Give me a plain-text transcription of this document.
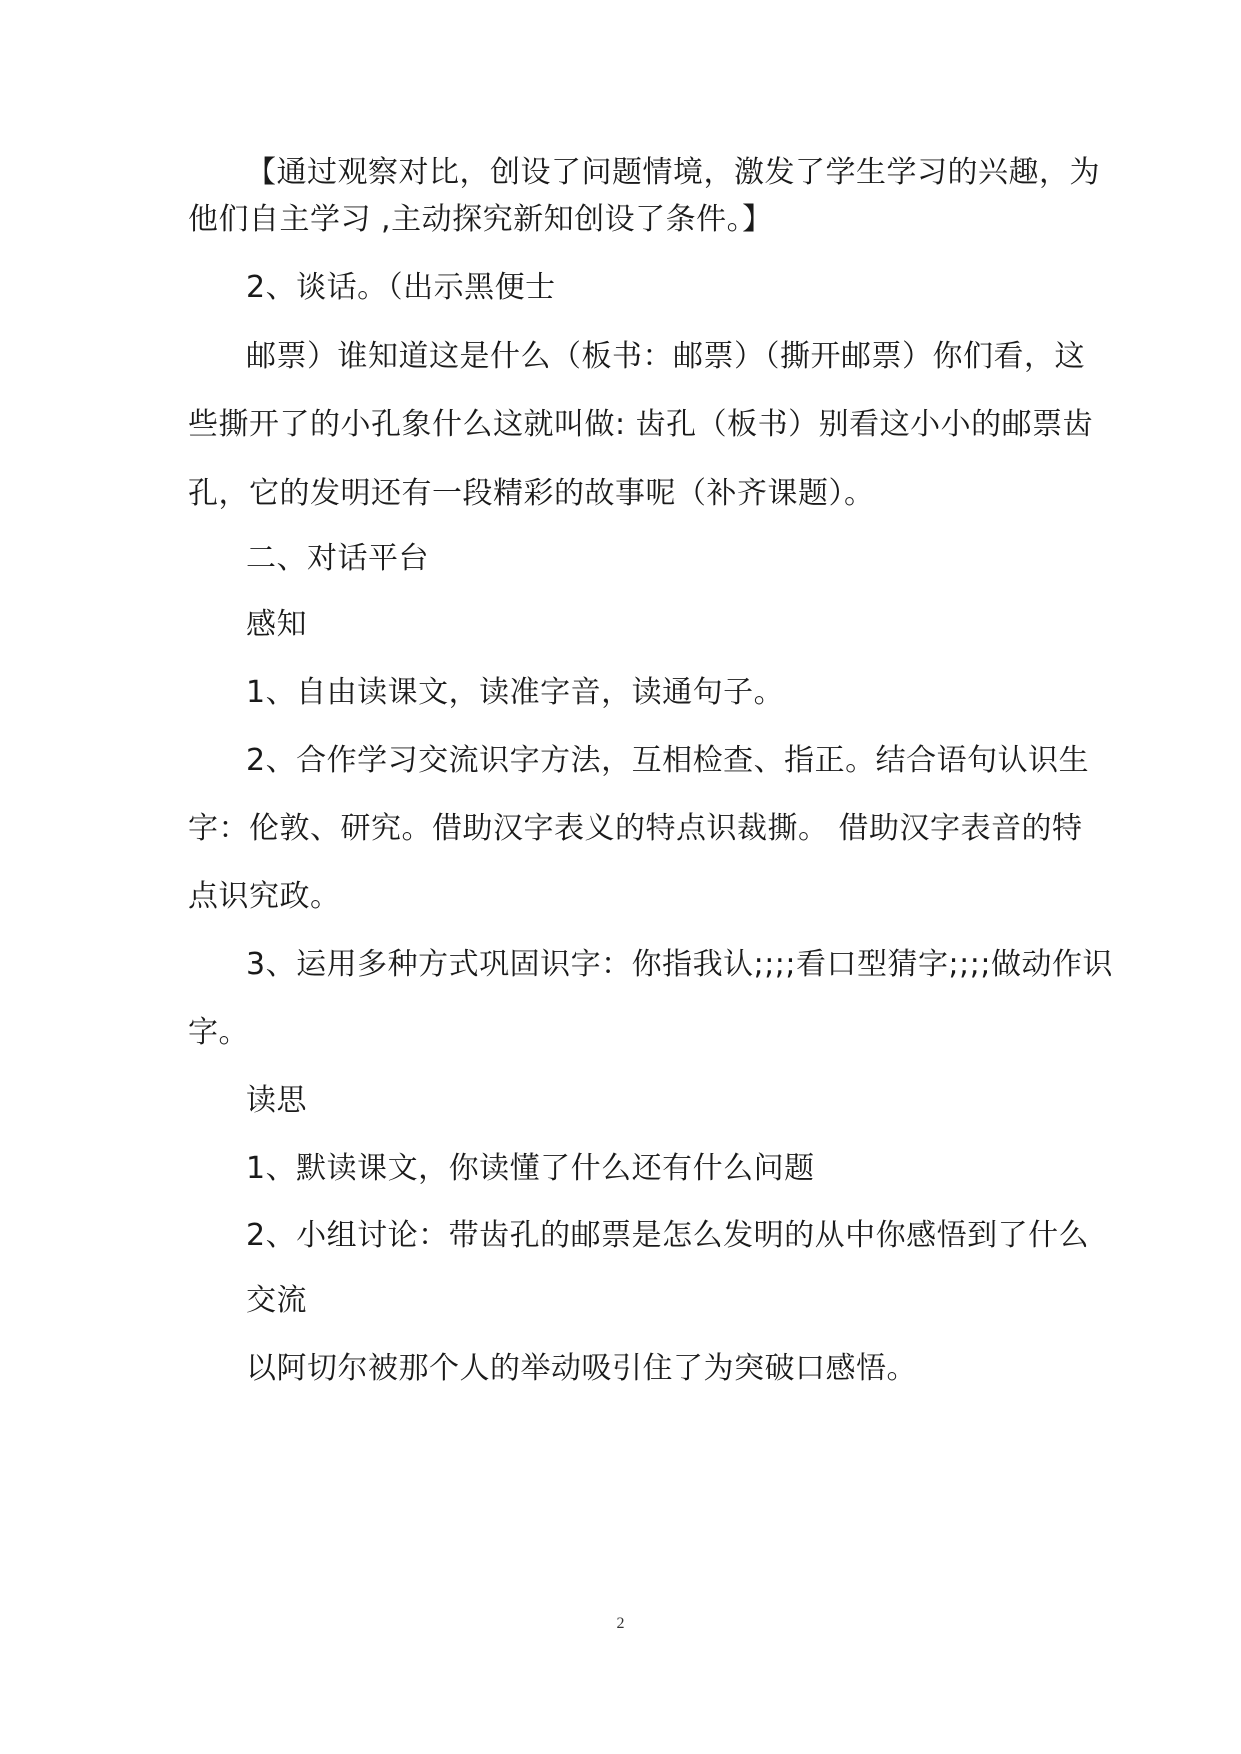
【通过观察对比，创设了问题情境，激发了学生学习的兴趣，为
他们自主学习 ,主动探究新知创设了条件。】
2、谈话。（出示黑便士
邮票）谁知道这是什么（板书：邮票）（撕开邮票）你们看，这
些撕开了的小孔象什么这就叫做: 齿孔（板书）别看这小小的邮票齿
孔，它的发明还有一段精彩的故事呢（补齐课题）。
二、对话平台
感知
1、自由读课文，读准字音，读通句子。
2、合作学习交流识字方法，互相检查、指正。结合语句认识生
字：伦敦、研究。借助汉字表义的特点识裁撕。 借助汉字表音的特
点识究政。
3、运用多种方式巩固识字：你指我认;;;;看口型猜字;;;;做动作识
字。
读思
1、默读课文，你读懂了什么还有什么问题
2、小组讨论：带齿孔的邮票是怎么发明的从中你感悟到了什么
交流
以阿切尔被那个人的举动吸引住了为突破口感悟。
2
